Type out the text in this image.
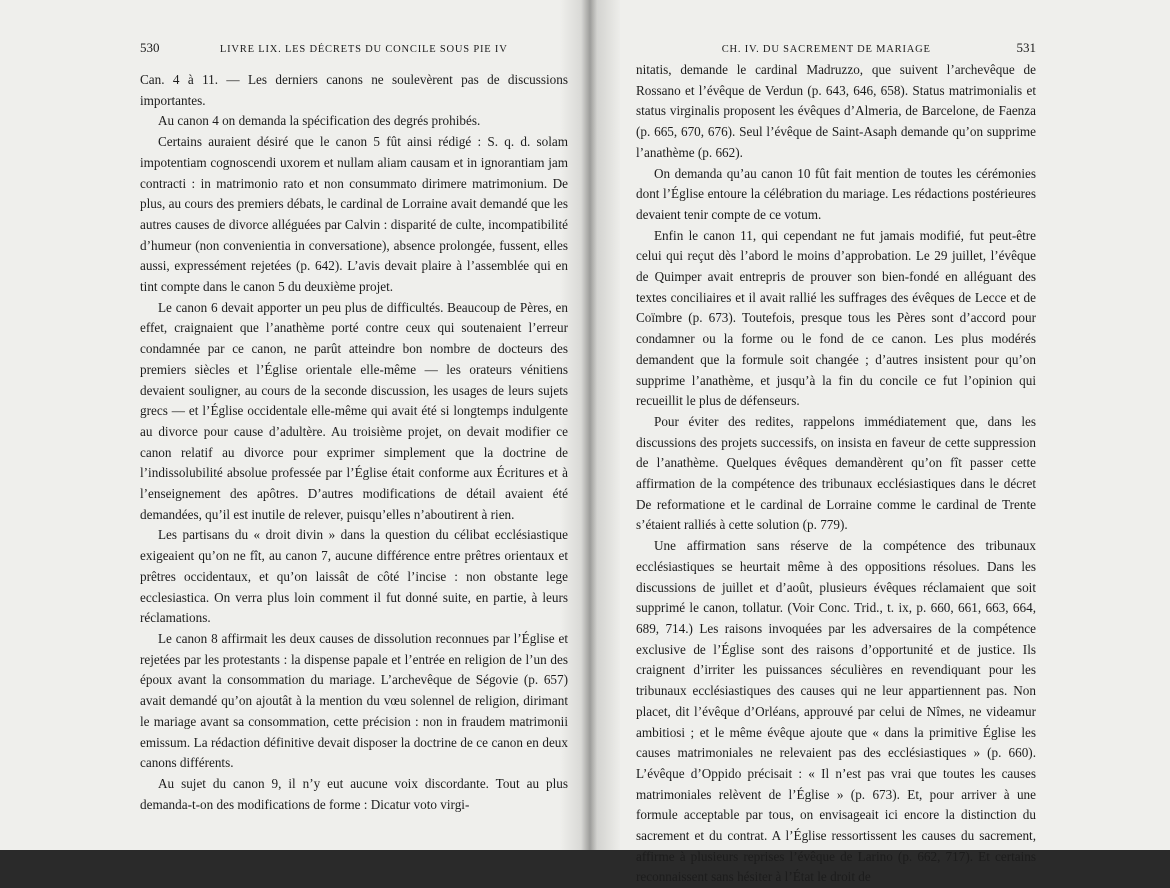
530	LIVRE LIX. LES DÉCRETS DU CONCILE SOUS PIE IV

Can. 4 à 11. — Les derniers canons ne soulevèrent pas de discussions importantes.

Au canon 4 on demanda la spécification des degrés prohibés.

Certains auraient désiré que le canon 5 fût ainsi rédigé : S. q. d. solam impotentiam cognoscendi uxorem et nullam aliam causam et in ignorantiam jam contracti : in matrimonio rato et non consummato dirimere matrimonium. De plus, au cours des premiers débats, le cardinal de Lorraine avait demandé que les autres causes de divorce alléguées par Calvin : disparité de culte, incompatibilité d’humeur (non convenientia in conversatione), absence prolongée, fussent, elles aussi, expressément rejetées (p. 642). L’avis devait plaire à l’assemblée qui en tint compte dans le canon 5 du deuxième projet.

Le canon 6 devait apporter un peu plus de difficultés. Beaucoup de Pères, en effet, craignaient que l’anathème porté contre ceux qui soutenaient l’erreur condamnée par ce canon, ne parût atteindre bon nombre de docteurs des premiers siècles et l’Église orientale elle-même — les orateurs vénitiens devaient souligner, au cours de la seconde discussion, les usages de leurs sujets grecs — et l’Église occidentale elle-même qui avait été si longtemps indulgente au divorce pour cause d’adultère. Au troisième projet, on devait modifier ce canon relatif au divorce pour exprimer simplement que la doctrine de l’indissolubilité absolue professée par l’Église était conforme aux Écritures et à l’enseignement des apôtres. D’autres modifications de détail avaient été demandées, qu’il est inutile de relever, puisqu’elles n’aboutirent à rien.

Les partisans du « droit divin » dans la question du célibat ecclésiastique exigeaient qu’on ne fît, au canon 7, aucune différence entre prêtres orientaux et prêtres occidentaux, et qu’on laissât de côté l’incise : non obstante lege ecclesiastica. On verra plus loin comment il fut donné suite, en partie, à leurs réclamations.

Le canon 8 affirmait les deux causes de dissolution reconnues par l’Église et rejetées par les protestants : la dispense papale et l’entrée en religion de l’un des époux avant la consommation du mariage. L’archevêque de Ségovie (p. 657) avait demandé qu’on ajoutât à la mention du vœu solennel de religion, dirimant le mariage avant sa consommation, cette précision : non in fraudem matrimonii emissum. La rédaction définitive devait disposer la doctrine de ce canon en deux canons différents.

Au sujet du canon 9, il n’y eut aucune voix discordante. Tout au plus demanda-t-on des modifications de forme : Dicatur voto virgi-

CH. IV. DU SACREMENT DE MARIAGE	531

nitatis, demande le cardinal Madruzzo, que suivent l’archevêque de Rossano et l’évêque de Verdun (p. 643, 646, 658). Status matrimonialis et status virginalis proposent les évêques d’Almeria, de Barcelone, de Faenza (p. 665, 670, 676). Seul l’évêque de Saint-Asaph demande qu’on supprime l’anathème (p. 662).

On demanda qu’au canon 10 fût fait mention de toutes les cérémonies dont l’Église entoure la célébration du mariage. Les rédactions postérieures devaient tenir compte de ce votum.

Enfin le canon 11, qui cependant ne fut jamais modifié, fut peut-être celui qui reçut dès l’abord le moins d’approbation. Le 29 juillet, l’évêque de Quimper avait entrepris de prouver son bien-fondé en alléguant des textes conciliaires et il avait rallié les suffrages des évêques de Lecce et de Coïmbre (p. 673). Toutefois, presque tous les Pères sont d’accord pour condamner ou la forme ou le fond de ce canon. Les plus modérés demandent que la formule soit changée ; d’autres insistent pour qu’on supprime l’anathème, et jusqu’à la fin du concile ce fut l’opinion qui recueillit le plus de défenseurs.

Pour éviter des redites, rappelons immédiatement que, dans les discussions des projets successifs, on insista en faveur de cette suppression de l’anathème. Quelques évêques demandèrent qu’on fît passer cette affirmation de la compétence des tribunaux ecclésiastiques dans le décret De reformatione et le cardinal de Lorraine comme le cardinal de Trente s’étaient ralliés à cette solution (p. 779).

Une affirmation sans réserve de la compétence des tribunaux ecclésiastiques se heurtait même à des oppositions résolues. Dans les discussions de juillet et d’août, plusieurs évêques réclamaient que soit supprimé le canon, tollatur. (Voir Conc. Trid., t. ix, p. 660, 661, 663, 664, 689, 714.) Les raisons invoquées par les adversaires de la compétence exclusive de l’Église sont des raisons d’opportunité et de justice. Ils craignent d’irriter les puissances séculières en revendiquant pour les tribunaux ecclésiastiques des causes qui ne leur appartiennent pas. Non placet, dit l’évêque d’Orléans, approuvé par celui de Nîmes, ne videamur ambitiosi ; et le même évêque ajoute que « dans la primitive Église les causes matrimoniales ne relevaient pas des ecclésiastiques » (p. 660). L’évêque d’Oppido précisait : « Il n’est pas vrai que toutes les causes matrimoniales relèvent de l’Église » (p. 673). Et, pour arriver à une formule acceptable par tous, on envisageait ici encore la distinction du sacrement et du contrat. A l’Église ressortissent les causes du sacrement, affirme à plusieurs reprises l’évêque de Larino (p. 662, 717). Et certains reconnaissent sans hésiter à l’État le droit de
